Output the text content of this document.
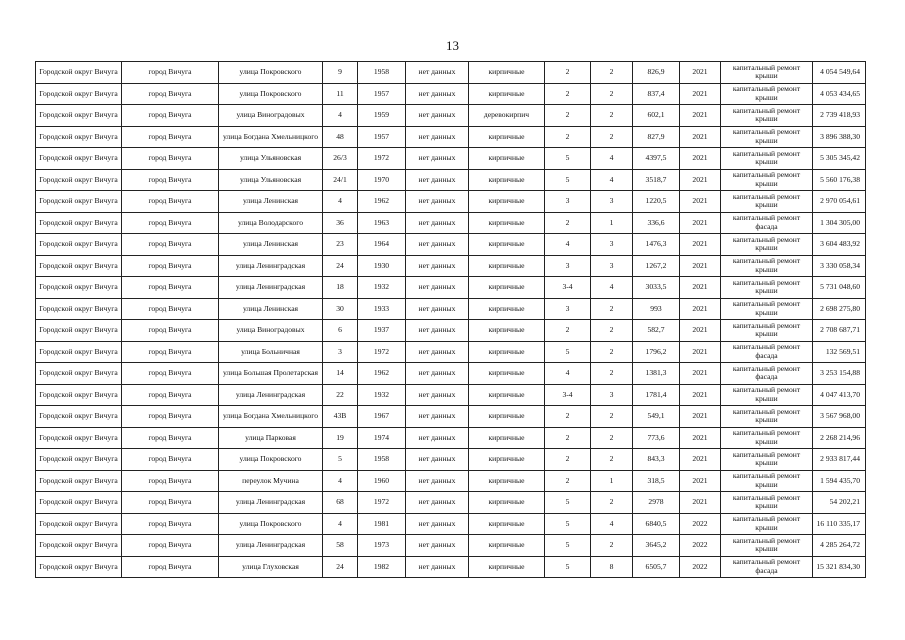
13
Городской округ Вичуга	город Вичуга	улица Покровского	9	1958	нет данных	кирпичные	2	2	826,9	2021	капитальный ремонт крыши	4 054 549,64
Городской округ Вичуга	город Вичуга	улица Покровского	11	1957	нет данных	кирпичные	2	2	837,4	2021	капитальный ремонт крыши	4 053 434,65
Городской округ Вичуга	город Вичуга	улица Виноградовых	4	1959	нет данных	деревокирпич	2	2	602,1	2021	капитальный ремонт крыши	2 739 418,93
Городской округ Вичуга	город Вичуга	улица Богдана Хмельницкого	48	1957	нет данных	кирпичные	2	2	827,9	2021	капитальный ремонт крыши	3 896 388,30
Городской округ Вичуга	город Вичуга	улица Ульяновская	26/3	1972	нет данных	кирпичные	5	4	4397,5	2021	капитальный ремонт крыши	5 305 345,42
Городской округ Вичуга	город Вичуга	улица Ульяновская	24/1	1970	нет данных	кирпичные	5	4	3518,7	2021	капитальный ремонт крыши	5 560 176,38
Городской округ Вичуга	город Вичуга	улица Ленинская	4	1962	нет данных	кирпичные	3	3	1220,5	2021	капитальный ремонт крыши	2 970 054,61
Городской округ Вичуга	город Вичуга	улица Володарского	36	1963	нет данных	кирпичные	2	1	336,6	2021	капитальный ремонт фасада	1 304 305,00
Городской округ Вичуга	город Вичуга	улица Ленинская	23	1964	нет данных	кирпичные	4	3	1476,3	2021	капитальный ремонт крыши	3 604 483,92
Городской округ Вичуга	город Вичуга	улица Ленинградская	24	1930	нет данных	кирпичные	3	3	1267,2	2021	капитальный ремонт крыши	3 330 058,34
Городской округ Вичуга	город Вичуга	улица Ленинградская	18	1932	нет данных	кирпичные	3-4	4	3033,5	2021	капитальный ремонт крыши	5 731 048,60
Городской округ Вичуга	город Вичуга	улица Ленинская	30	1933	нет данных	кирпичные	3	2	993	2021	капитальный ремонт крыши	2 698 275,80
Городской округ Вичуга	город Вичуга	улица Виноградовых	6	1937	нет данных	кирпичные	2	2	582,7	2021	капитальный ремонт крыши	2 708 687,71
Городской округ Вичуга	город Вичуга	улица Больничная	3	1972	нет данных	кирпичные	5	2	1796,2	2021	капитальный ремонт фасада	132 569,51
Городской округ Вичуга	город Вичуга	улица Большая Пролетарская	14	1962	нет данных	кирпичные	4	2	1381,3	2021	капитальный ремонт фасада	3 253 154,88
Городской округ Вичуга	город Вичуга	улица Ленинградская	22	1932	нет данных	кирпичные	3-4	3	1781,4	2021	капитальный ремонт крыши	4 047 413,70
Городской округ Вичуга	город Вичуга	улица Богдана Хмельницкого	43В	1967	нет данных	кирпичные	2	2	549,1	2021	капитальный ремонт крыши	3 567 968,00
Городской округ Вичуга	город Вичуга	улица Парковая	19	1974	нет данных	кирпичные	2	2	773,6	2021	капитальный ремонт крыши	2 268 214,96
Городской округ Вичуга	город Вичуга	улица Покровского	5	1958	нет данных	кирпичные	2	2	843,3	2021	капитальный ремонт крыши	2 933 817,44
Городской округ Вичуга	город Вичуга	переулок Мучина	4	1960	нет данных	кирпичные	2	1	318,5	2021	капитальный ремонт крыши	1 594 435,70
Городской округ Вичуга	город Вичуга	улица Ленинградская	68	1972	нет данных	кирпичные	5	2	2978	2021	капитальный ремонт крыши	54 202,21
Городской округ Вичуга	город Вичуга	улица Покровского	4	1981	нет данных	кирпичные	5	4	6840,5	2022	капитальный ремонт крыши	16 110 335,17
Городской округ Вичуга	город Вичуга	улица Ленинградская	58	1973	нет данных	кирпичные	5	2	3645,2	2022	капитальный ремонт крыши	4 285 264,72
Городской округ Вичуга	город Вичуга	улица Глуховская	24	1982	нет данных	кирпичные	5	8	6505,7	2022	капитальный ремонт фасада	15 321 834,30
